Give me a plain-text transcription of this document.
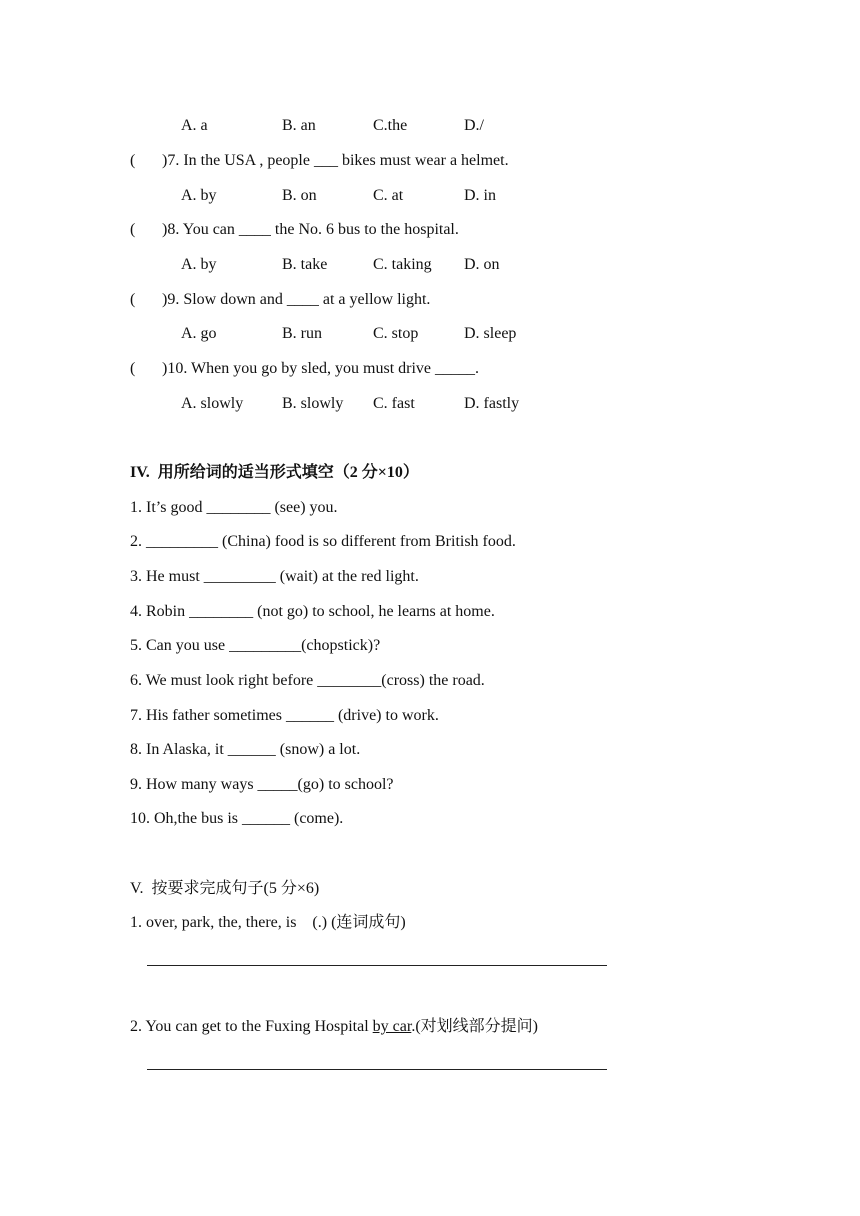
A. a	B. an	C.the	D./
( )7. In the USA , people ___ bikes must wear a helmet.
A. by	B. on	C. at	D. in
( )8. You can ____ the No. 6 bus to the hospital.
A. by	B. take	C. taking D. on
( )9. Slow down and ____ at a yellow light.
A. go	B. run	C. stop	D. sleep
( )10. When you go by sled, you must drive _____.
A. slowly B. slowly C. fast	D. fastly
IV.  用所给词的适当形式填空（2 分×10）
1. It’s good ________ (see) you.
2. _________ (China) food is so different from British food.
3. He must _________ (wait) at the red light.
4. Robin ________ (not go) to school, he learns at home.
5. Can you use _________(chopstick)?
6. We must look right before ________(cross) the road.
7. His father sometimes ______ (drive) to work.
8. In Alaska, it ______ (snow) a lot.
9. How many ways _____(go) to school?
10. Oh,the bus is ______ (come).
V.  按要求完成句子(5 分×6)
1. over, park, the, there, is    (.) (连词成句)
2. You can get to the Fuxing Hospital by car.(对划线部分提问)
